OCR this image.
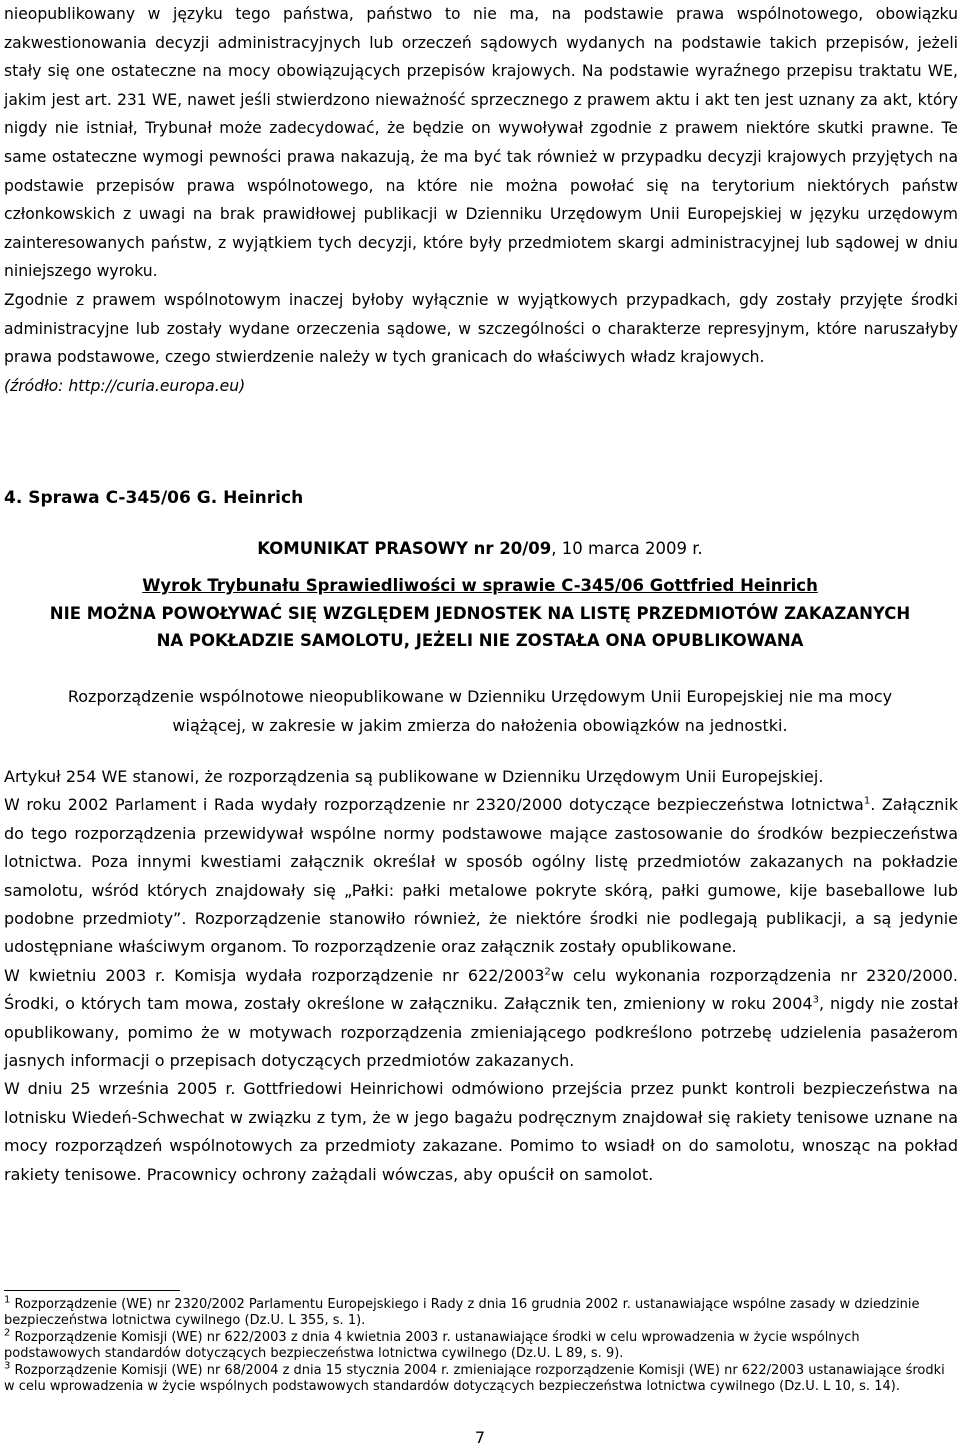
nieopublikowany w języku tego państwa, państwo to nie ma, na podstawie prawa wspólnotowego, obowiązku zakwestionowania decyzji administracyjnych lub orzeczeń sądowych wydanych na podstawie takich przepisów, jeżeli stały się one ostateczne na mocy obowiązujących przepisów krajowych. Na podstawie wyraźnego przepisu traktatu WE, jakim jest art. 231 WE, nawet jeśli stwierdzono nieważność sprzecznego z prawem aktu i akt ten jest uznany za akt, który nigdy nie istniał, Trybunał może zadecydować, że będzie on wywoływał zgodnie z prawem niektóre skutki prawne. Te same ostateczne wymogi pewności prawa nakazują, że ma być tak również w przypadku decyzji krajowych przyjętych na podstawie przepisów prawa wspólnotowego, na które nie można powołać się na terytorium niektórych państw członkowskich z uwagi na brak prawidłowej publikacji w Dzienniku Urzędowym Unii Europejskiej w języku urzędowym zainteresowanych państw, z wyjątkiem tych decyzji, które były przedmiotem skargi administracyjnej lub sądowej w dniu niniejszego wyroku.

Zgodnie z prawem wspólnotowym inaczej byłoby wyłącznie w wyjątkowych przypadkach, gdy zostały przyjęte środki administracyjne lub zostały wydane orzeczenia sądowe, w szczególności o charakterze represyjnym, które naruszałyby prawa podstawowe, czego stwierdzenie należy w tych granicach do właściwych władz krajowych.

(źródło: http://curia.europa.eu)

4. Sprawa C-345/06 G. Heinrich

KOMUNIKAT PRASOWY nr 20/09, 10 marca 2009 r.
Wyrok Trybunału Sprawiedliwości w sprawie C-345/06 Gottfried Heinrich
NIE MOŻNA POWOŁYWAĆ SIĘ WZGLĘDEM JEDNOSTEK NA LISTĘ PRZEDMIOTÓW ZAKAZANYCH
NA POKŁADZIE SAMOLOTU, JEŻELI NIE ZOSTAŁA ONA OPUBLIKOWANA
Rozporządzenie wspólnotowe nieopublikowane w Dzienniku Urzędowym Unii Europejskiej nie ma mocy
wiążącej, w zakresie w jakim zmierza do nałożenia obowiązków na jednostki.

Artykuł 254 WE stanowi, że rozporządzenia są publikowane w Dzienniku Urzędowym Unii Europejskiej.

W roku 2002 Parlament i Rada wydały rozporządzenie nr 2320/2000 dotyczące bezpieczeństwa lotnictwa$^1$. Załącznik do tego rozporządzenia przewidywał wspólne normy podstawowe mające zastosowanie do środków bezpieczeństwa lotnictwa. Poza innymi kwestiami załącznik określał w sposób ogólny listę przedmiotów zakazanych na pokładzie samolotu, wśród których znajdowały się „Pałki: pałki metalowe pokryte skórą, pałki gumowe, kije baseballowe lub podobne przedmioty”. Rozporządzenie stanowiło również, że niektóre środki nie podlegają publikacji, a są jedynie udostępniane właściwym organom. To rozporządzenie oraz załącznik zostały opublikowane.

W kwietniu 2003 r. Komisja wydała rozporządzenie nr 622/2003$^2$w celu wykonania rozporządzenia nr 2320/2000. Środki, o których tam mowa, zostały określone w załączniku. Załącznik ten, zmieniony w roku 2004$^3$, nigdy nie został opublikowany, pomimo że w motywach rozporządzenia zmieniającego podkreślono potrzebę udzielenia pasażerom jasnych informacji o przepisach dotyczących przedmiotów zakazanych.

W dniu 25 września 2005 r. Gottfriedowi Heinrichowi odmówiono przejścia przez punkt kontroli bezpieczeństwa na lotnisku Wiedeń-Schwechat w związku z tym, że w jego bagażu podręcznym znajdował się rakiety tenisowe uznane na mocy rozporządzeń wspólnotowych za przedmioty zakazane. Pomimo to wsiadł on do samolotu, wnosząc na pokład rakiety tenisowe. Pracownicy ochrony zażądali wówczas, aby opuścił on samolot.

$^1$ Rozporządzenie (WE) nr 2320/2002 Parlamentu Europejskiego i Rady z dnia 16 grudnia 2002 r. ustanawiające wspólne zasady w dziedzinie bezpieczeństwa lotnictwa cywilnego (Dz.U. L 355, s. 1).

$^2$ Rozporządzenie Komisji (WE) nr 622/2003 z dnia 4 kwietnia 2003 r. ustanawiające środki w celu wprowadzenia w życie wspólnych podstawowych standardów dotyczących bezpieczeństwa lotnictwa cywilnego (Dz.U. L 89, s. 9).

$^3$ Rozporządzenie Komisji (WE) nr 68/2004 z dnia 15 stycznia 2004 r. zmieniające rozporządzenie Komisji (WE) nr 622/2003 ustanawiające środki w celu wprowadzenia w życie wspólnych podstawowych standardów dotyczących bezpieczeństwa lotnictwa cywilnego (Dz.U. L 10, s. 14).

7
